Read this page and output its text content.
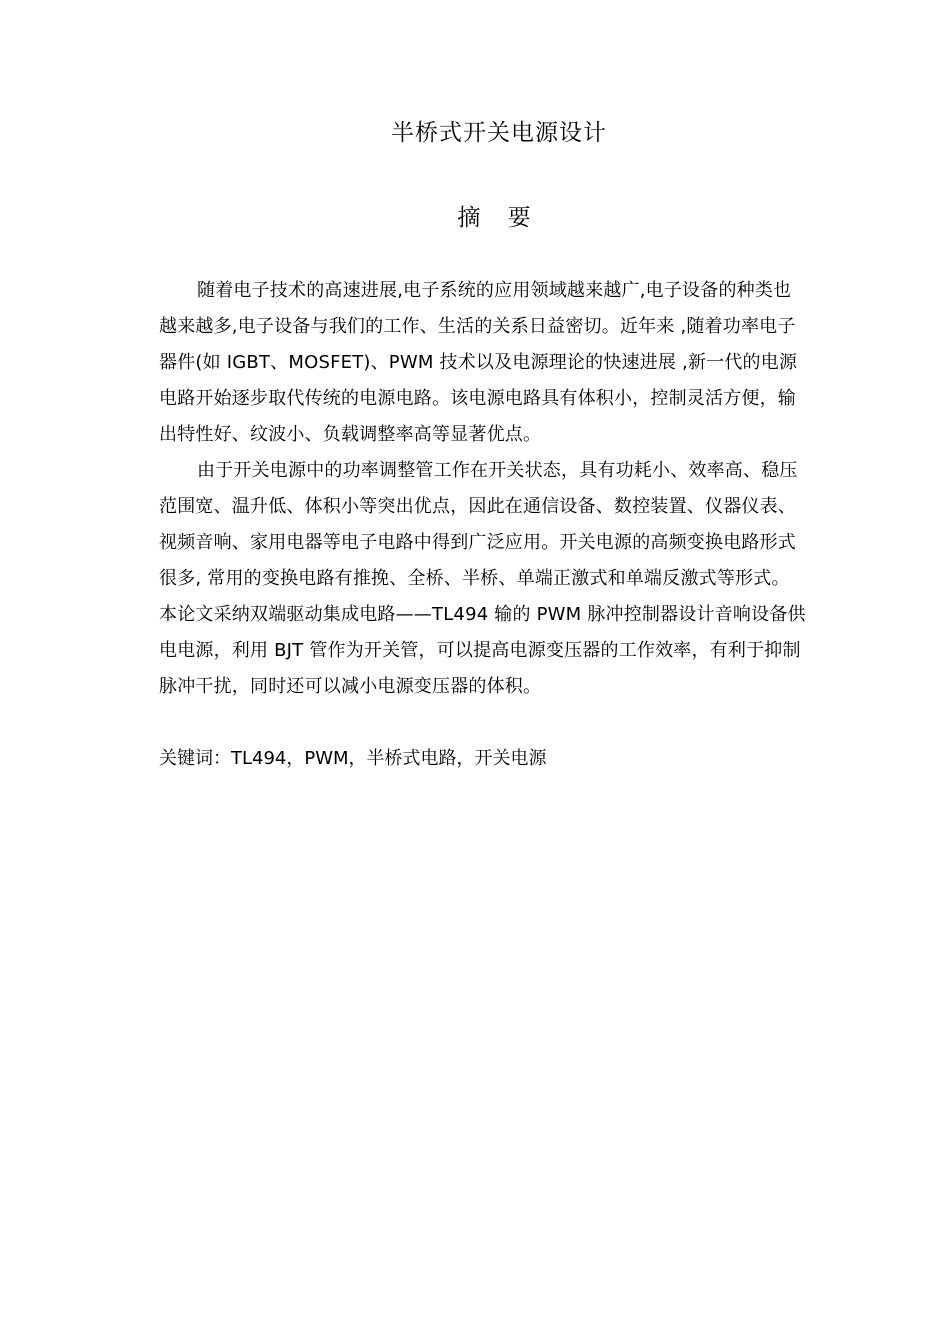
半桥式开关电源设计
摘 要
随着电子技术的高速进展,电子系统的应用领域越来越广,电子设备的种类也
越来越多,电子设备与我们的工作、生活的关系日益密切。近年来 ,随着功率电子
器件(如 IGBT、MOSFET)、PWM 技术以及电源理论的快速进展 ,新一代的电源
电路开始逐步取代传统的电源电路。该电源电路具有体积小，控制灵活方便，输
出特性好、纹波小、负载调整率高等显著优点。
由于开关电源中的功率调整管工作在开关状态，具有功耗小、效率高、稳压
范围宽、温升低、体积小等突出优点，因此在通信设备、数控装置、仪器仪表、
视频音响、家用电器等电子电路中得到广泛应用。开关电源的高频变换电路形式
很多, 常用的变换电路有推挽、全桥、半桥、单端正激式和单端反激式等形式。
本论文采纳双端驱动集成电路——TL494 输的 PWM 脉冲控制器设计音响设备供
电电源，利用 BJT 管作为开关管，可以提高电源变压器的工作效率，有利于抑制
脉冲干扰，同时还可以减小电源变压器的体积。
关键词：TL494，PWM，半桥式电路，开关电源
